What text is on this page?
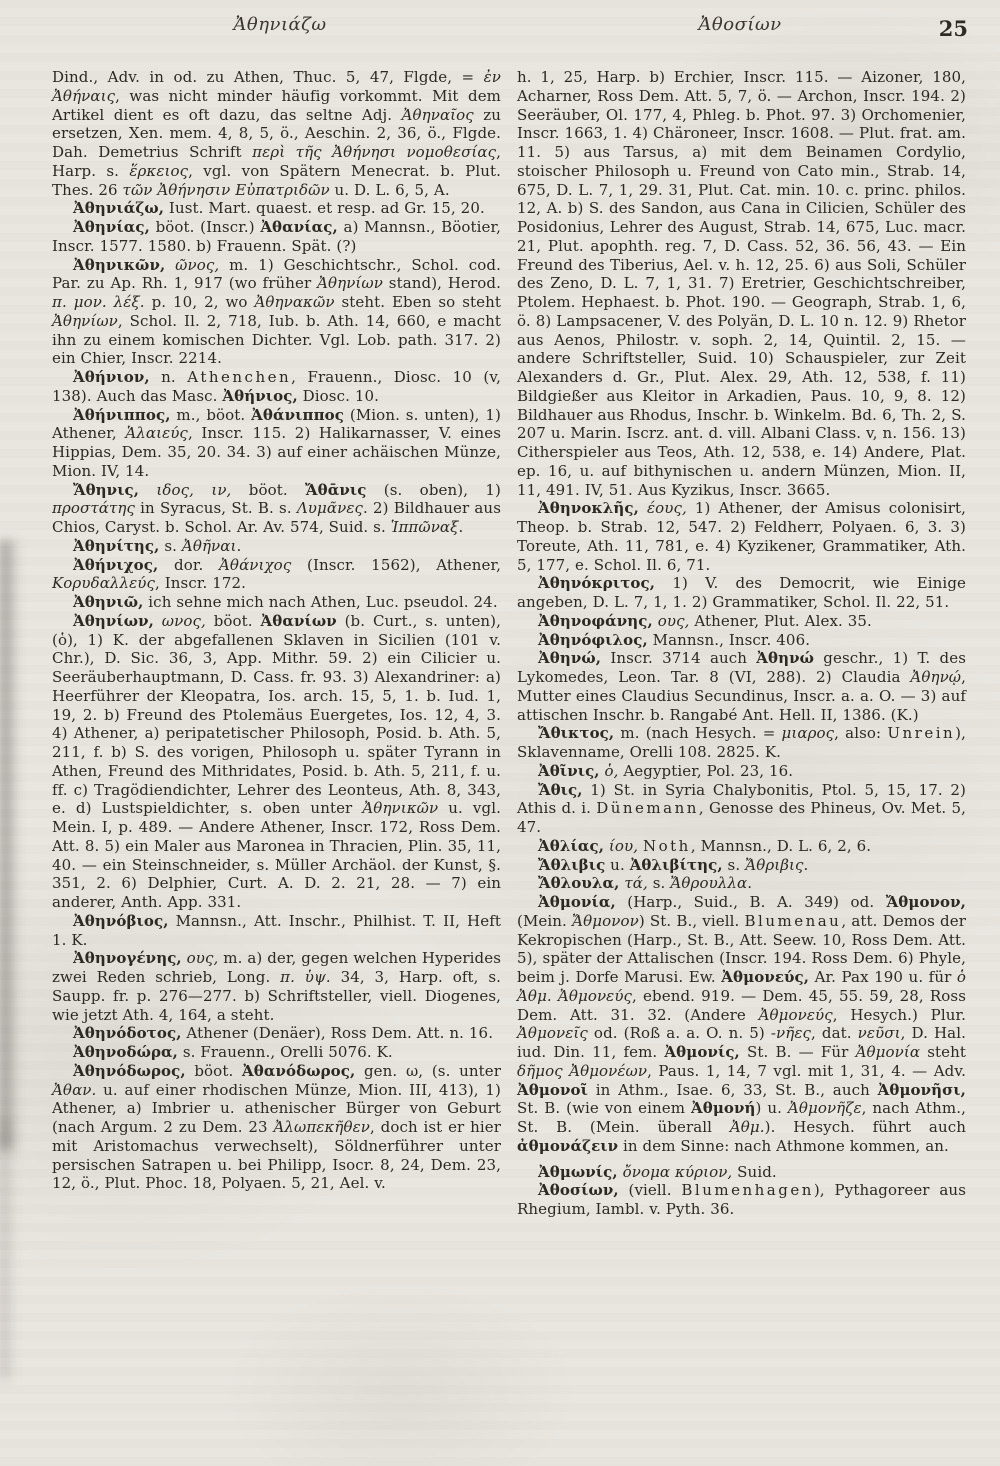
Ἀθηνιάζω	Ἀθοσίων	25

Dind., Adv. in od. zu Athen, Thuc. 5, 47, Flgde, = ἐν Ἀθήναις, was nicht minder häufig vorkommt. Mit dem Artikel dient es oft dazu, das seltne Adj. Ἀθηναῖος zu ersetzen, Xen. mem. 4, 8, 5, ö., Aeschin. 2, 36, ö., Flgde. Dah. Demetrius Schrift περὶ τῆς Ἀθήνησι νομοθεσίας, Harp. s. ἕρκειος, vgl. von Spätern Menecrat. b. Plut. Thes. 26 τῶν Ἀθήνησιν Εὐπατριδῶν u. D. L. 6, 5, A.

Ἀθηνιάζω, Iust. Mart. quaest. et resp. ad Gr. 15, 20.

Ἀθηνίας, böot. (Inscr.) Ἀθανίας, a) Mannsn., Böotier, Inscr. 1577. 1580. b) Frauenn. Spät. (?)

Ἀθηνικῶν, ῶνος, m. 1) Geschichtschr., Schol. cod. Par. zu Ap. Rh. 1, 917 (wo früher Ἀθηνίων stand), Herod. π. μον. λέξ. p. 10, 2, wo Ἀθηνακῶν steht. Eben so steht Ἀθηνίων, Schol. Il. 2, 718, Iub. b. Ath. 14, 660, e macht ihn zu einem komischen Dichter. Vgl. Lob. path. 317. 2) ein Chier, Inscr. 2214.

Ἀθήνιον, n. Athenchen, Frauenn., Diosc. 10 (v, 138). Auch das Masc. Ἀθήνιος, Diosc. 10.

Ἀθήνιππος, m., böot. Ἀθάνιππος (Mion. s. unten), 1) Athener, Ἁλαιεύς, Inscr. 115. 2) Halikarnasser, V. eines Hippias, Dem. 35, 20. 34. 3) auf einer achäischen Münze, Mion. IV, 14.

Ἄθηνις, ιδος, ιν, böot. Ἄθᾱνις (s. oben), 1) προστάτης in Syracus, St. B. s. Λυμᾶνες. 2) Bildhauer aus Chios, Caryst. b. Schol. Ar. Av. 574, Suid. s. Ἱππῶναξ.

Ἀθηνίτης, s. Ἀθῆναι.

Ἀθήνιχος, dor. Ἀθάνιχος (Inscr. 1562), Athener, Κορυδαλλεύς, Inscr. 172.

Ἀθηνιῶ, ich sehne mich nach Athen, Luc. pseudol. 24.

Ἀθηνίων, ωνος, böot. Ἀθανίων (b. Curt., s. unten), (ὁ), 1) K. der abgefallenen Sklaven in Sicilien (101 v. Chr.), D. Sic. 36, 3, App. Mithr. 59. 2) ein Cilicier u. Seeräuberhauptmann, D. Cass. fr. 93. 3) Alexandriner: a) Heerführer der Kleopatra, Ios. arch. 15, 5, 1. b. Iud. 1, 19, 2. b) Freund des Ptolemäus Euergetes, Ios. 12, 4, 3. 4) Athener, a) peripatetischer Philosoph, Posid. b. Ath. 5, 211, f. b) S. des vorigen, Philosoph u. später Tyrann in Athen, Freund des Mithridates, Posid. b. Ath. 5, 211, f. u. ff. c) Tragödiendichter, Lehrer des Leonteus, Ath. 8, 343, e. d) Lustspieldichter, s. oben unter Ἀθηνικῶν u. vgl. Mein. I, p. 489. — Andere Athener, Inscr. 172, Ross Dem. Att. 8. 5) ein Maler aus Maronea in Thracien, Plin. 35, 11, 40. — ein Steinschneider, s. Müller Archäol. der Kunst, §. 351, 2. 6) Delphier, Curt. A. D. 2. 21, 28. — 7) ein anderer, Anth. App. 331.

Ἀθηνόβιος, Mannsn., Att. Inschr., Philhist. T. II, Heft 1. K.

Ἀθηνογένης, ους, m. a) der, gegen welchen Hyperides zwei Reden schrieb, Long. π. ὑψ. 34, 3, Harp. oft, s. Saupp. fr. p. 276—277. b) Schriftsteller, viell. Diogenes, wie jetzt Ath. 4, 164, a steht.

Ἀθηνόδοτος, Athener (Denäer), Ross Dem. Att. n. 16.

Ἀθηνοδώρα, s. Frauenn., Orelli 5076. K.

Ἀθηνόδωρος, böot. Ἀθανόδωρος, gen. ω, (s. unter Ἀθαν. u. auf einer rhodischen Münze, Mion. III, 413), 1) Athener, a) Imbrier u. athenischer Bürger von Geburt (nach Argum. 2 zu Dem. 23 Ἀλωπεκῆθεν, doch ist er hier mit Aristomachus verwechselt), Söldnerführer unter persischen Satrapen u. bei Philipp, Isocr. 8, 24, Dem. 23, 12, ö., Plut. Phoc. 18, Polyaen. 5, 21, Ael. v.

h. 1, 25, Harp. b) Erchier, Inscr. 115. — Aizoner, 180, Acharner, Ross Dem. Att. 5, 7, ö. — Archon, Inscr. 194. 2) Seeräuber, Ol. 177, 4, Phleg. b. Phot. 97. 3) Orchomenier, Inscr. 1663, 1. 4) Chäroneer, Inscr. 1608. — Plut. frat. am. 11. 5) aus Tarsus, a) mit dem Beinamen Cordylio, stoischer Philosoph u. Freund von Cato min., Strab. 14, 675, D. L. 7, 1, 29. 31, Plut. Cat. min. 10. c. princ. philos. 12, A. b) S. des Sandon, aus Cana in Cilicien, Schüler des Posidonius, Lehrer des August, Strab. 14, 675, Luc. macr. 21, Plut. apophth. reg. 7, D. Cass. 52, 36. 56, 43. — Ein Freund des Tiberius, Ael. v. h. 12, 25. 6) aus Soli, Schüler des Zeno, D. L. 7, 1, 31. 7) Eretrier, Geschichtschreiber, Ptolem. Hephaest. b. Phot. 190. — Geograph, Strab. 1, 6, ö. 8) Lampsacener, V. des Polyän, D. L. 10 n. 12. 9) Rhetor aus Aenos, Philostr. v. soph. 2, 14, Quintil. 2, 15. — andere Schriftsteller, Suid. 10) Schauspieler, zur Zeit Alexanders d. Gr., Plut. Alex. 29, Ath. 12, 538, f. 11) Bildgießer aus Kleitor in Arkadien, Paus. 10, 9, 8. 12) Bildhauer aus Rhodus, Inschr. b. Winkelm. Bd. 6, Th. 2, S. 207 u. Marin. Iscrz. ant. d. vill. Albani Class. v, n. 156. 13) Citherspieler aus Teos, Ath. 12, 538, e. 14) Andere, Plat. ep. 16, u. auf bithynischen u. andern Münzen, Mion. II, 11, 491. IV, 51. Aus Kyzikus, Inscr. 3665.

Ἀθηνοκλῆς, έους, 1) Athener, der Amisus colonisirt, Theop. b. Strab. 12, 547. 2) Feldherr, Polyaen. 6, 3. 3) Toreute, Ath. 11, 781, e. 4) Kyzikener, Grammatiker, Ath. 5, 177, e. Schol. Il. 6, 71.

Ἀθηνόκριτος, 1) V. des Democrit, wie Einige angeben, D. L. 7, 1, 1. 2) Grammatiker, Schol. Il. 22, 51.

Ἀθηνοφάνης, ους, Athener, Plut. Alex. 35.

Ἀθηνόφιλος, Mannsn., Inscr. 406.

Ἀθηνώ, Inscr. 3714 auch Ἀθηνώ geschr., 1) T. des Lykomedes, Leon. Tar. 8 (VI, 288). 2) Claudia Ἀθηνῴ, Mutter eines Claudius Secundinus, Inscr. a. a. O. — 3) auf attischen Inschr. b. Rangabé Ant. Hell. II, 1386. (K.)

Ἄθικτος, m. (nach Hesych. = μιαρος, also: Unrein), Sklavenname, Orelli 108. 2825. K.

Ἀθῖνις, ὁ, Aegyptier, Pol. 23, 16.

Ἄθις, 1) St. in Syria Chalybonitis, Ptol. 5, 15, 17. 2) Athis d. i. Dünemann, Genosse des Phineus, Ov. Met. 5, 47.

Ἀθλίας, ίου, Noth, Mannsn., D. L. 6, 2, 6.

Ἄθλιβις u. Ἀθλιβίτης, s. Ἄθριβις.

Ἄθλουλα, τά, s. Ἄθρουλλα.

Ἀθμονία, (Harp., Suid., B. A. 349) od. Ἄθμονον, (Mein. Ἄθμονον) St. B., viell. Blumenau, att. Demos der Kekropischen (Harp., St. B., Att. Seew. 10, Ross Dem. Att. 5), später der Attalischen (Inscr. 194. Ross Dem. 6) Phyle, beim j. Dorfe Marusi. Ew. Ἀθμονεύς, Ar. Pax 190 u. für ὁ Ἀθμ. Ἀθμονεύς, ebend. 919. — Dem. 45, 55. 59, 28, Ross Dem. Att. 31. 32. (Andere Ἀθμονεύς, Hesych.) Plur. Ἀθμονεῖς od. (Roß a. a. O. n. 5) -νῆες, dat. νεῦσι, D. Hal. iud. Din. 11, fem. Ἀθμονίς, St. B. — Für Ἀθμονία steht δῆμος Ἀθμονέων, Paus. 1, 14, 7 vgl. mit 1, 31, 4. — Adv. Ἀθμονοῖ in Athm., Isae. 6, 33, St. B., auch Ἀθμονῆσι, St. B. (wie von einem Ἀθμονή) u. Ἀθμονῆζε, nach Athm., St. B. (Mein. überall Ἀθμ.). Hesych. führt auch ἀθμονάζειν in dem Sinne: nach Athmone kommen, an.

Ἀθμωνίς, ὄνομα κύριον, Suid.

Ἀθοσίων, (viell. Blumenhagen), Pythagoreer aus Rhegium, Iambl. v. Pyth. 36.
